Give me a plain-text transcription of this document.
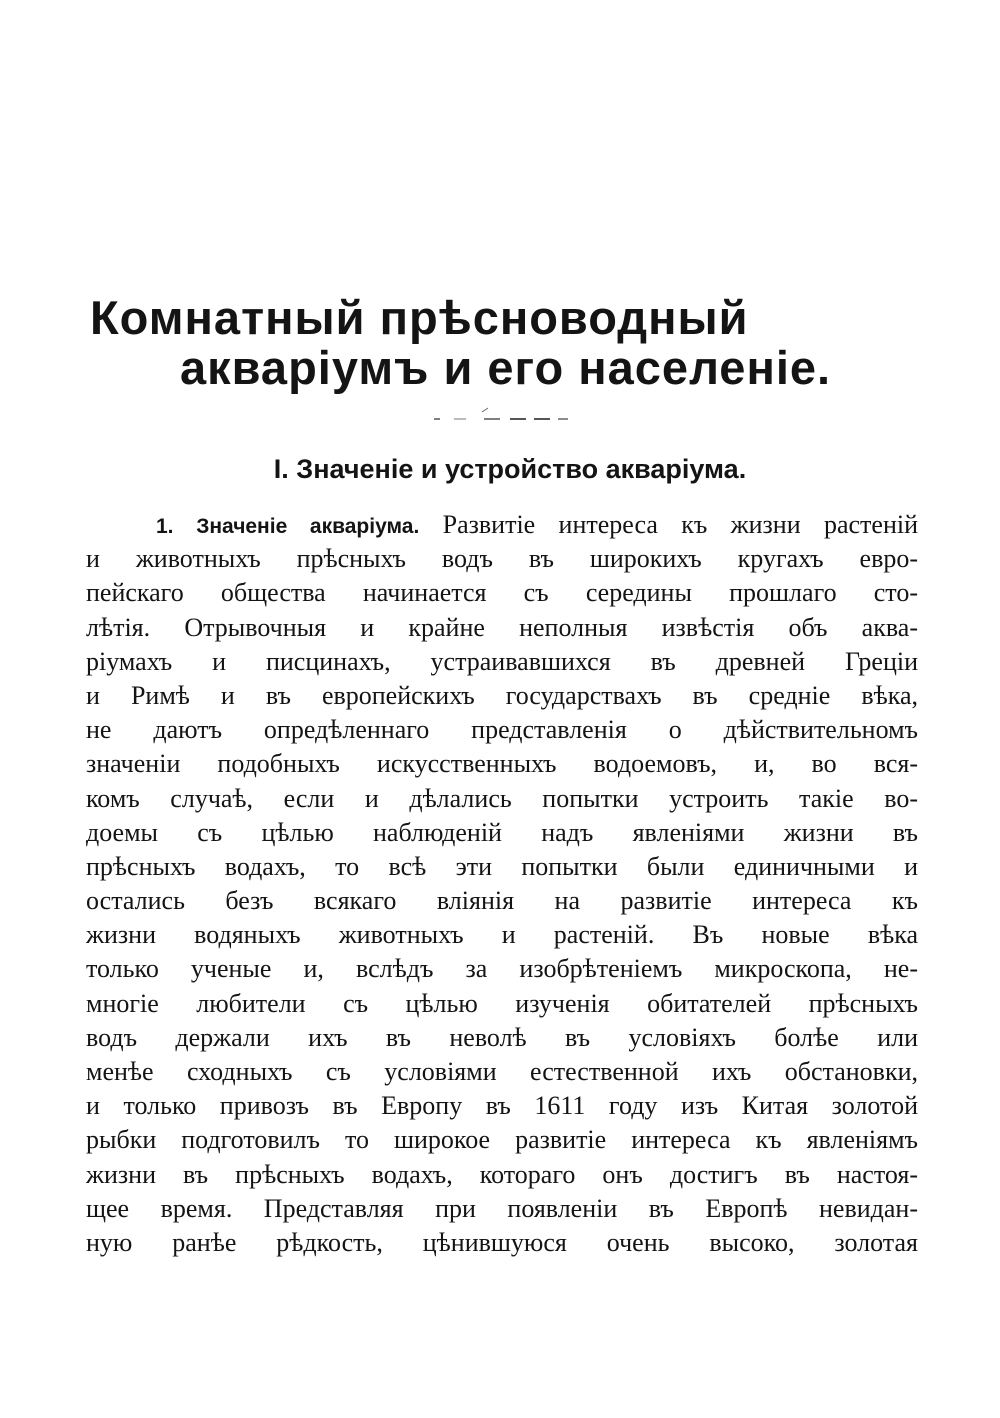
Комнатный прѣсноводный
акваріумъ и его населеніе.
I. Значеніе и устройство акваріума.
1. Значеніе акваріума. Развитіе интереса къ жизни растеній
и животныхъ прѣсныхъ водъ въ широкихъ кругахъ евро-
пейскаго общества начинается съ середины прошлаго сто-
лѣтія. Отрывочныя и крайне неполныя извѣстія объ аква-
ріумахъ и писцинахъ, устраивавшихся въ древней Греціи
и Римѣ и въ европейскихъ государствахъ въ средніе вѣка,
не даютъ опредѣленнаго представленія о дѣйствительномъ
значеніи подобныхъ искусственныхъ водоемовъ, и, во вся-
комъ случаѣ, если и дѣлались попытки устроить такіе во-
доемы съ цѣлью наблюденій надъ явленіями жизни въ
прѣсныхъ водахъ, то всѣ эти попытки были единичными и
остались безъ всякаго вліянія на развитіе интереса къ
жизни водяныхъ животныхъ и растеній. Въ новые вѣка
только ученые и, вслѣдъ за изобрѣтеніемъ микроскопа, не-
многіе любители съ цѣлью изученія обитателей прѣсныхъ
водъ держали ихъ въ неволѣ въ условіяхъ болѣе или
менѣе сходныхъ съ условіями естественной ихъ обстановки,
и только привозъ въ Европу въ 1611 году изъ Китая золотой
рыбки подготовилъ то широкое развитіе интереса къ явленіямъ
жизни въ прѣсныхъ водахъ, котораго онъ достигъ въ настоя-
щее время. Представляя при появленіи въ Европѣ невидан-
ную ранѣе рѣдкость, цѣнившуюся очень высоко, золотая
